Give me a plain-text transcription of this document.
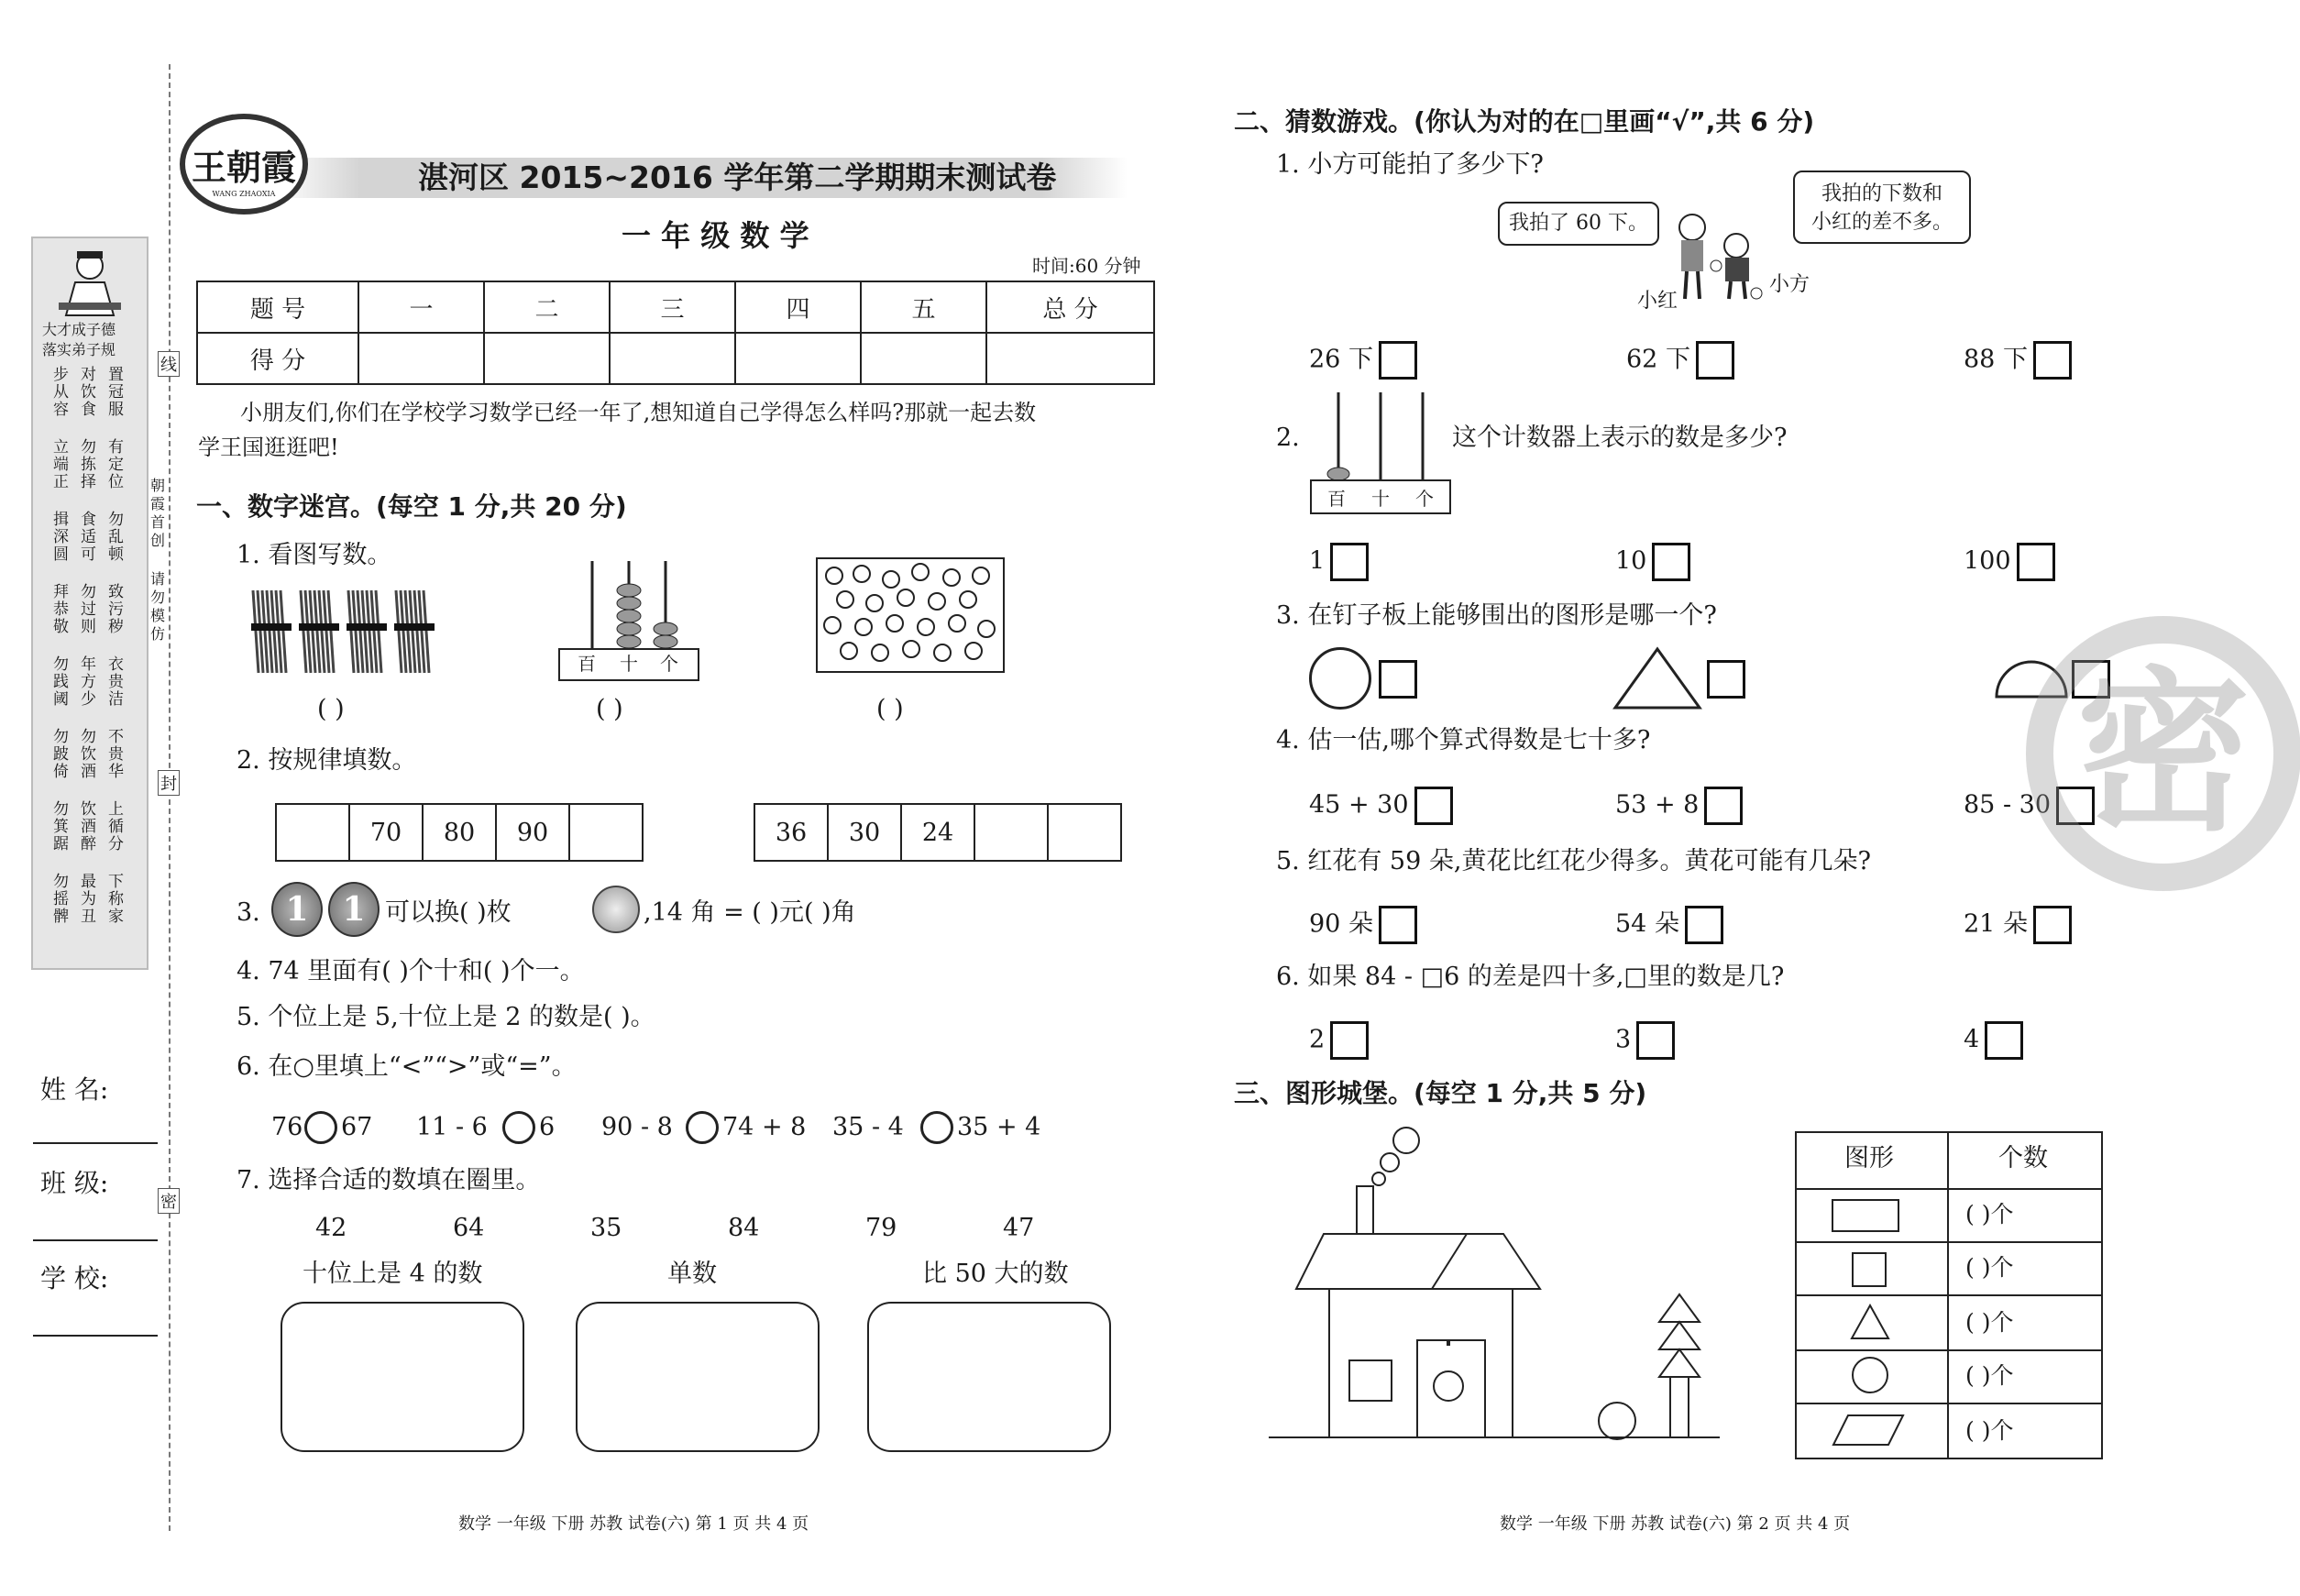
线
封
密
朝霞首创
请勿模仿
大才成子德
落实弟子规
步从容
对饮食
置冠服
立端正
勿拣择
有定位
揖深圆
食适可
勿乱顿
拜恭敬
勿过则
致污秽
勿践阈
年方少
衣贵洁
勿跛倚
勿饮酒
不贵华
勿箕踞
饮酒醉
上循分
勿摇髀
最为丑
下称家
姓 名:
班 级:
学 校:
王朝霞
WANG ZHAOXIA	湛河区 2015~2016 学年第二学期期末测试卷
一 年 级 数 学
时间:60 分钟
题 号	一	二	三	四	五	总 分
得 分						
小朋友们,你们在学校学习数学已经一年了,想知道自己学得怎么样吗?那就一起去数
学王国逛逛吧!
一、数字迷宫。(每空 1 分,共 20 分)
1. 看图写数。
百 十 个
( )	( )	( )
2. 按规律填数。
	70	80	90		36	30	24		
3. 1	1 可以换( )枚	,14 角 = ( )元( )角
4. 74 里面有( )个十和( )个一。
5. 个位上是 5,十位上是 2 的数是( )。
6. 在○里填上“<”“>”或“=”。
76 67 11 - 6 6 90 - 8 74 + 8 35 - 4 35 + 4
7. 选择合适的数填在圈里。
42	64	35	84	79	47
十位上是 4 的数	单数	比 50 大的数
数学 一年级 下册 苏教 试卷(六) 第 1 页 共 4 页
二、猜数游戏。(你认为对的在□里画“√”,共 6 分)
1. 小方可能拍了多少下?
我拍了 60 下。
我拍的下数和
小红的差不多。
小红
小方
26 下	62 下	88 下
2.
百 十 个
这个计数器上表示的数是多少?
1	10	100
3. 在钉子板上能够围出的图形是哪一个?
4. 估一估,哪个算式得数是七十多?
45 + 30	53 + 8	85 - 30
5. 红花有 59 朵,黄花比红花少得多。黄花可能有几朵?
90 朵	54 朵	21 朵
6. 如果 84 - □6 的差是四十多,□里的数是几?
2	3	4
三、图形城堡。(每空 1 分,共 5 分)
图形	个数
( )个
( )个
( )个
( )个
( )个
密
数学 一年级 下册 苏教 试卷(六) 第 2 页 共 4 页
